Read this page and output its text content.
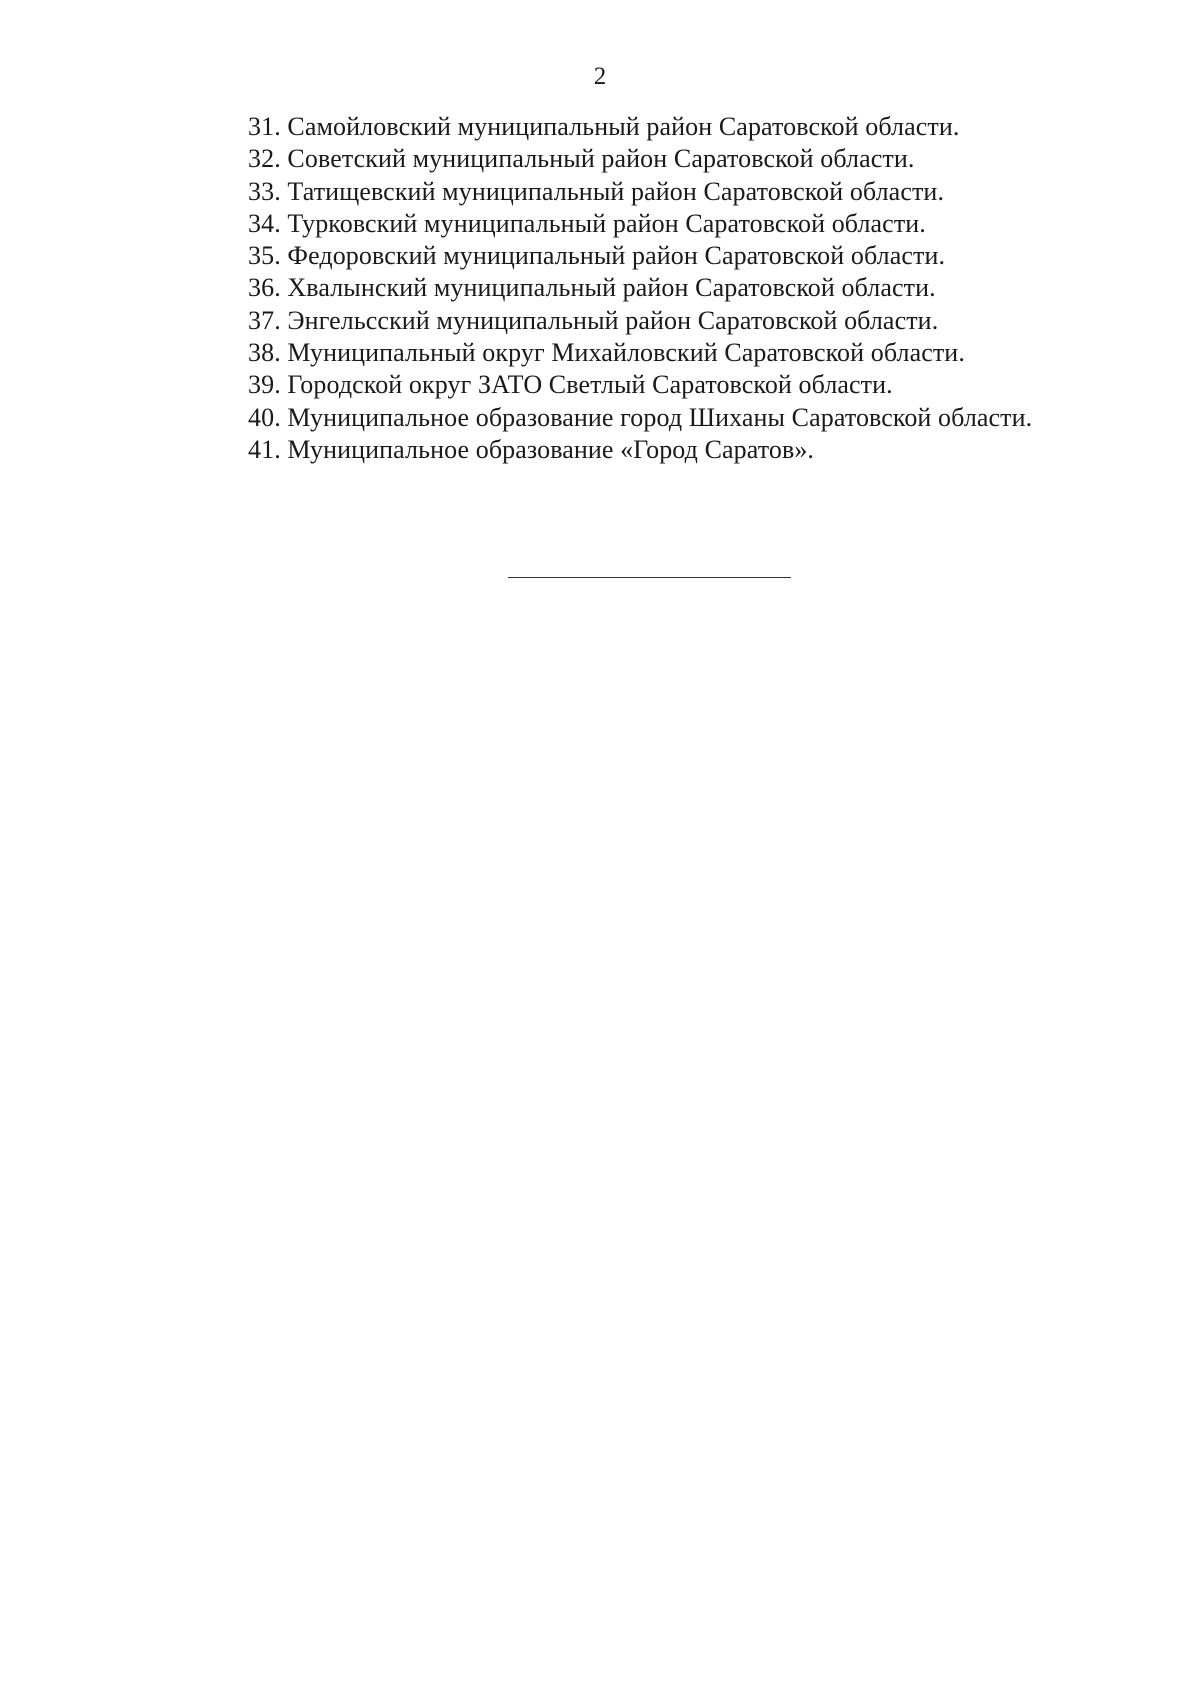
2
31. Самойловский муниципальный район Саратовской области.
32. Советский муниципальный район Саратовской области.
33. Татищевский муниципальный район Саратовской области.
34. Турковский муниципальный район Саратовской области.
35. Федоровский муниципальный район Саратовской области.
36. Хвалынский муниципальный район Саратовской области.
37. Энгельсский муниципальный район Саратовской области.
38. Муниципальный округ Михайловский Саратовской области.
39. Городской округ ЗАТО Светлый Саратовской области.
40. Муниципальное образование город Шиханы Саратовской области.
41. Муниципальное образование «Город Саратов».
